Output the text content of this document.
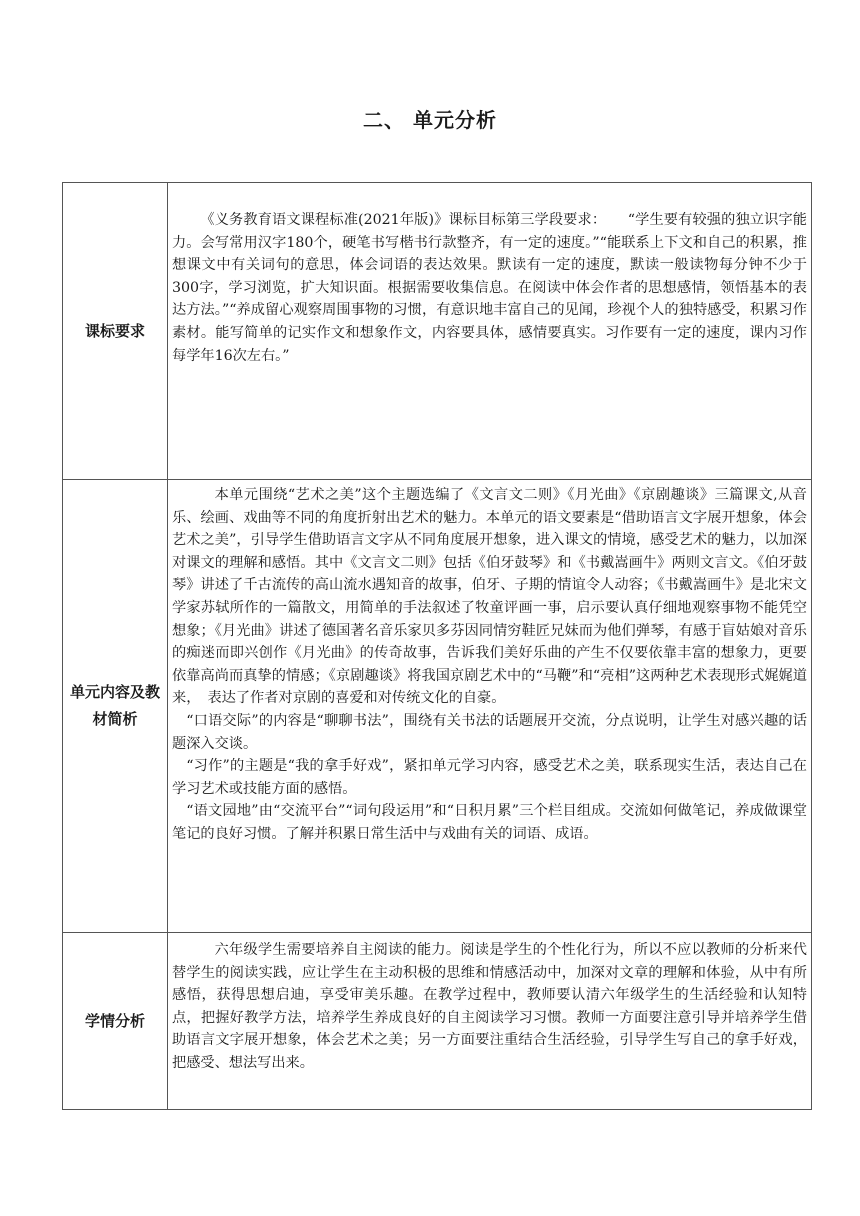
二、 单元分析
课标要求	《义务教育语文课程标准(2021年版)》课标目标第三学段要求：　　“学生要有较强的独立识字能力。会写常用汉字180个，硬笔书写楷书行款整齐，有一定的速度。”“能联系上下文和自己的积累，推想课文中有关词句的意思，体会词语的表达效果。默读有一定的速度，默读一般读物每分钟不少于300字，学习浏览，扩大知识面。根据需要收集信息。在阅读中体会作者的思想感情，领悟基本的表达方法。”“养成留心观察周围事物的习惯，有意识地丰富自己的见闻，珍视个人的独特感受，积累习作素材。能写简单的记实作文和想象作文，内容要具体，感情要真实。习作要有一定的速度，课内习作每学年16次左右。”

单元内容及教材简析	本单元围绕“艺术之美”这个主题选编了《文言文二则》《月光曲》《京剧趣谈》三篇课文,从音乐、绘画、戏曲等不同的角度折射出艺术的魅力。本单元的语文要素是“借助语言文字展开想象，体会艺术之美”，引导学生借助语言文字从不同角度展开想象，进入课文的情境，感受艺术的魅力，以加深对课文的理解和感悟。其中《文言文二则》包括《伯牙鼓琴》和《书戴嵩画牛》两则文言文。《伯牙鼓琴》讲述了千古流传的高山流水遇知音的故事，伯牙、子期的情谊令人动容；《书戴嵩画牛》是北宋文学家苏轼所作的一篇散文，用简单的手法叙述了牧童评画一事，启示要认真仔细地观察事物不能凭空想象；《月光曲》讲述了德国著名音乐家贝多芬因同情穷鞋匠兄妹而为他们弹琴，有感于盲姑娘对音乐的痴迷而即兴创作《月光曲》的传奇故事，告诉我们美好乐曲的产生不仅要依靠丰富的想象力，更要依靠高尚而真挚的情感；《京剧趣谈》将我国京剧艺术中的“马鞭”和“亮相”这两种艺术表现形式娓娓道来，　表达了作者对京剧的喜爱和对传统文化的自豪。

“口语交际”的内容是“聊聊书法”，围绕有关书法的话题展开交流，分点说明，让学生对感兴趣的话题深入交谈。

“习作”的主题是“我的拿手好戏”，紧扣单元学习内容，感受艺术之美，联系现实生活，表达自己在学习艺术或技能方面的感悟。

“语文园地”由“交流平台”“词句段运用”和“日积月累”三个栏目组成。交流如何做笔记，养成做课堂笔记的良好习惯。了解并积累日常生活中与戏曲有关的词语、成语。

学情分析	六年级学生需要培养自主阅读的能力。阅读是学生的个性化行为，所以不应以教师的分析来代替学生的阅读实践，应让学生在主动积极的思维和情感活动中，加深对文章的理解和体验，从中有所感悟，获得思想启迪，享受审美乐趣。在教学过程中，教师要认清六年级学生的生活经验和认知特点，把握好教学方法，培养学生养成良好的自主阅读学习习惯。教师一方面要注意引导并培养学生借助语言文字展开想象，体会艺术之美；另一方面要注重结合生活经验，引导学生写自己的拿手好戏，把感受、想法写出来。
